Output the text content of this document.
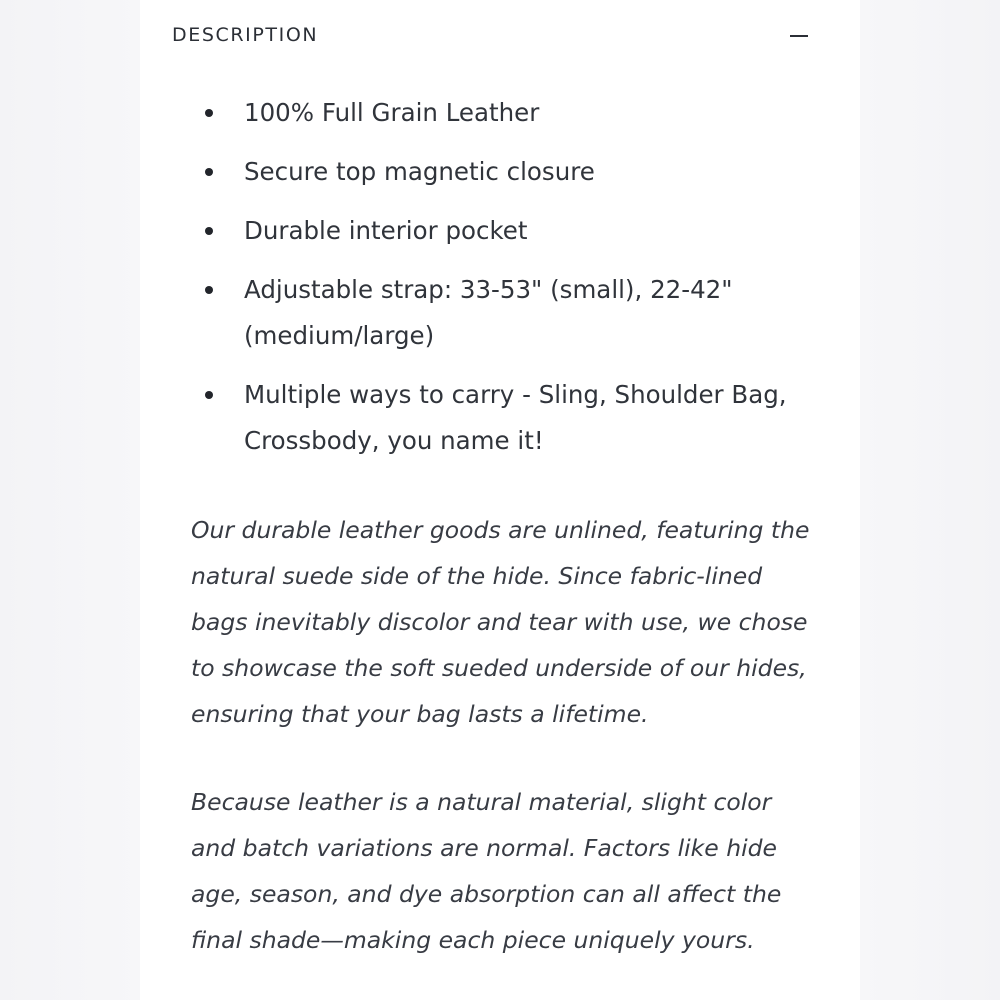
DESCRIPTION
100% Full Grain Leather
Secure top magnetic closure
Durable interior pocket
Adjustable strap: 33-53" (small), 22-42" (medium/large)
Multiple ways to carry - Sling, Shoulder Bag, Crossbody, you name it!

Our durable leather goods are unlined, featuring the natural suede side of the hide. Since fabric-lined bags inevitably discolor and tear with use, we chose to showcase the soft sueded underside of our hides, ensuring that your bag lasts a lifetime.

Because leather is a natural material, slight color and batch variations are normal. Factors like hide age, season, and dye absorption can all affect the final shade—making each piece uniquely yours.
